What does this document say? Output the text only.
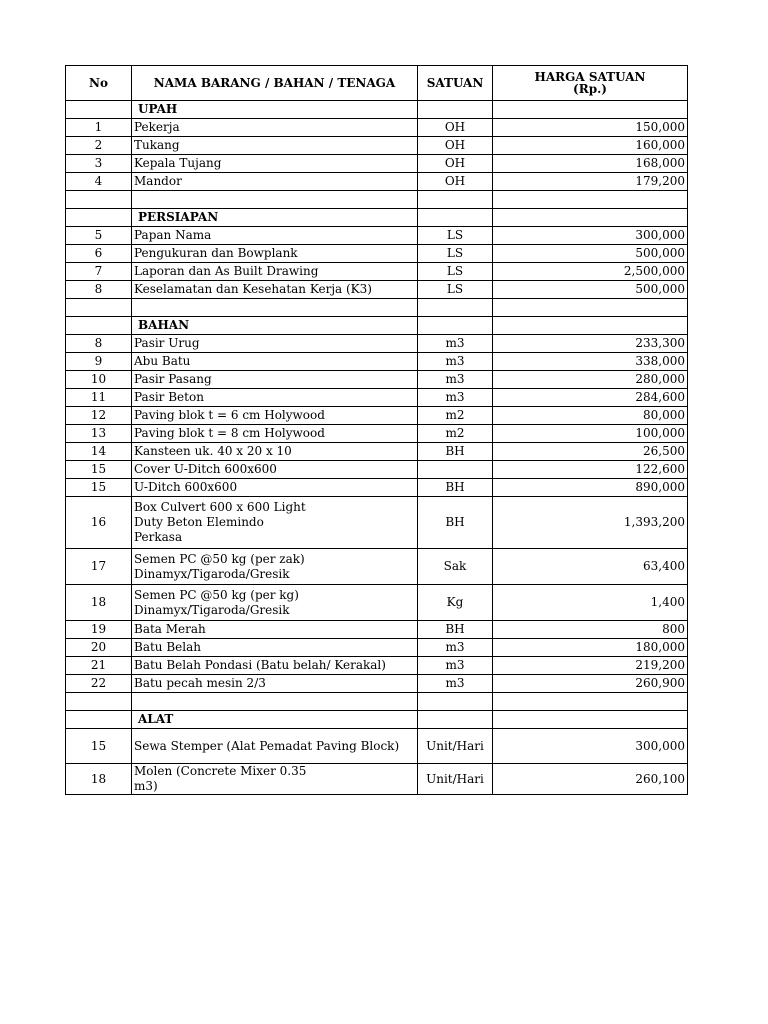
No	NAMA BARANG / BAHAN / TENAGA	SATUAN	HARGA SATUAN
(Rp.)

	UPAH		
1	Pekerja	OH	150,000
2	Tukang	OH	160,000
3	Kepala Tujang	OH	168,000
4	Mandor	OH	179,200

	PERSIAPAN		
5	Papan Nama	LS	300,000
6	Pengukuran dan Bowplank	LS	500,000
7	Laporan dan As Built Drawing	LS	2,500,000
8	Keselamatan dan Kesehatan Kerja (K3)	LS	500,000

	BAHAN		
8	Pasir Urug	m3	233,300
9	Abu Batu	m3	338,000
10	Pasir Pasang	m3	280,000
11	Pasir Beton	m3	284,600
12	Paving blok t = 6 cm Holywood	m2	80,000
13	Paving blok t = 8 cm Holywood	m2	100,000
14	Kansteen uk. 40 x 20 x 10	BH	26,500
15	Cover U-Ditch 600x600		122,600
15	U-Ditch 600x600	BH	890,000
16	Box Culvert 600 x 600 Light
Duty Beton Elemindo
Perkasa	BH	1,393,200
17	Semen PC @50 kg (per zak)
Dinamyx/Tigaroda/Gresik	Sak	63,400
18	Semen PC @50 kg (per kg)
Dinamyx/Tigaroda/Gresik	Kg	1,400
19	Bata Merah	BH	800
20	Batu Belah	m3	180,000
21	Batu Belah Pondasi (Batu belah/ Kerakal)	m3	219,200
22	Batu pecah mesin 2/3	m3	260,900

	ALAT		
15	Sewa Stemper (Alat Pemadat Paving Block)	Unit/Hari	300,000
18	Molen (Concrete Mixer 0.35
m3)	Unit/Hari	260,100
